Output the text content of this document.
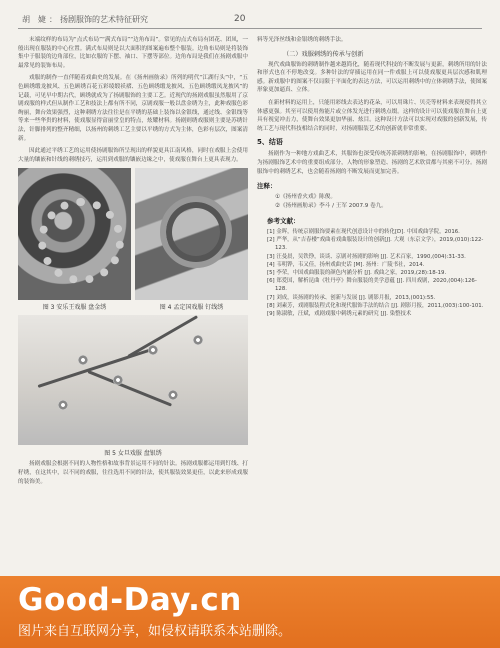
胡　婕 ： 扬剧服饰的艺术特征研究	20

末端纹样的布局为“点式布局”“满式布局”“边角布局”。常见的点式布局有团花、团凤，一般出现在服装的中心位置。满式布局则是以大面积的图案遍布整个服装。边角布局则是将装饰集中于服装的边角部位，比如衣服的下摆、袖口、下摆等部位。边角布局是我们在扬剧戏服中最常见的装饰布局。

戏服的制作一直伴随着戏曲史的发展。在《扬州画舫录》所列的明代“江湖行头”中，“五色顾绣缎龙披风、五色顾绣百花五彩绫缎袄褶、五色顾绣缎龙披风、五色顾绣缎凤龙披风”的记载，可见早中期古代，顾绣就成为了扬剧服饰的主要工艺。近现代的扬剧戏服虽然服用了京剧戏服的样式但从制作工艺和技法上都有所不同，京剧戏服一般以盘金绣为主，此种戏服色彩绚丽，舞台效果强烈，这种刺绣方法往往是在平绣的基础上装饰以金银线，通过线、金银线等等来一些华贵的材料，使戏服显得富丽堂皇的特点，炫耀材料。扬剧则绣戏服则主要是苏绣针法，针脚排列的整齐精细，以扬州的刺绣工艺主要以平绣的方式为主体，色彩有层次，图案清新。

因此通过平绣工艺的运用使扬剧服饰所呈现出的样貌更具江南风格，同时在戏服上会使用大量的镶嵌和针线的刺绣技巧，运用到戏服的镶嵌边缘之中，使戏服在舞台上更具表现力。

图 3 安乐王戏服 盘金绣	图 4 孟定国戏服 钉线绣
图 5 女旦戏服 盘银绣

扬剧戏服会根据不同的人物性格和故事背景运用不同的针法。扬剧戏服都运用到钉线、打籽绣，在这其中，以不同的戏服，往往选用不同的针法，使其服装效果更佳，以此来形成戏服的装饰美。

料等光泽丝线和金银绣的刺绣手法。

（二）戏服刺绣的传承与创新

现代戏曲服饰的刺绣制作越来越简化，随着现代科技的不断发展与更新，刺绣所用的针法和形式也在不停地改变。多种针法的穿插运用在同一件戏服上可以使戏服更具层次感和肌理感。新戏服中的图案不仅局限于平面化的表达方法，可以运用刺绣中的立体刺绣手法，使图案形象更加逼真、立体。

在新材料的运用上，只能用彩线去表达的花朵，可以用珠片、贝壳等材料来表现使得其立体感更强。其至可以使用热能片或立体发光进行刺绣点缀。这样的设计可以使戏服在舞台上更具有视觉冲击力，使舞台效果更加华丽、炫目。这种设计方法可以实现对戏服的创新发展，传统工艺与现代科技相结合的同时，对扬剧服装艺术的创新就非常重要。

5、结语

扬剧作为一种地方戏曲艺术，其服饰也深受传统苏派刺绣的影响，在扬剧服饰中，刺绣作为扬剧服饰艺术中的重要组成部分，人物的形象塑造、扬剧的艺术欣赏都与其密不可分。扬剧服饰中的刺绣艺术，也会随着扬剧的不断发展而更加完善。

注释：
①《扬州香火戏》陈俊。
②《扬州画舫录》李斗 / 王军 2007.9 卷九。
参考文献：
[1] 金晖，传统京剧服饰要素在现代创意设计中的转化[D]. 中国戏曲学院，2016.
[2] 严华，从“吉春楼”戏曲看戏曲服装设计的创新[J]. 大观（东京文学），2019,(010):122-123.
[3] 汪曼晨，吴铁铮，谈谈、京剧对扬剧的影响 [J]. 艺术百家，1990,(004):31-33.
[4] 韦明铧，韦又佳，扬州戏曲史话 [M]. 扬州：广陵书社，2014.
[5] 李荣，中国戏曲服装的颜色内涵分析 [J]. 戏曲之家，2019,(28):18-19.
[6] 郑爱国，解析昆曲《牡丹亭》舞台服装的美学意蕴 [J]. 四川戏剧，2020,(004):126-128.
[7] 刘成，谈扬剧的传承、创新与发展 [J]. 剧影月报，2013,(001):55.
[8] 刘素芳，戏剧服装程式化和现代服饰手法的结合 [J]. 剧影月报，2011,(003):100-101.
[9] 陈淑敏，汪斌，戏剧戏服中刺绣元素的研究 [J]. 染整技术
Good-Day.cn
图片来自互联网分享，如侵权请联系本站删除。
